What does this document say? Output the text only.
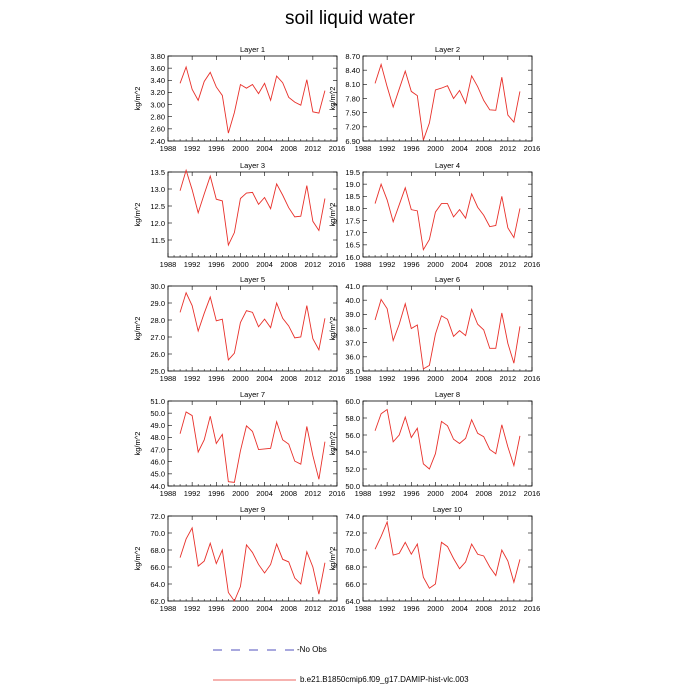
soil liquid water
Layer 1
1988 1992 1996 2000 2004 2008 2012 2016
2.40
2.60
2.80
3.00
3.20
3.40
3.60
3.80
kg/m^2
Layer 2
1988 1992 1996 2000 2004 2008 2012 2016
6.90
7.20
7.50
7.80
8.10
8.40
8.70
kg/m^2
Layer 3
1988 1992 1996 2000 2004 2008 2012 2016
11.5
12.0
12.5
13.0
13.5
kg/m^2
Layer 4
1988 1992 1996 2000 2004 2008 2012 2016
16.0
16.5
17.0
17.5
18.0
18.5
19.0
19.5
kg/m^2
Layer 5
1988 1992 1996 2000 2004 2008 2012 2016
25.0
26.0
27.0
28.0
29.0
30.0
kg/m^2
Layer 6
1988 1992 1996 2000 2004 2008 2012 2016
35.0
36.0
37.0
38.0
39.0
40.0
41.0
kg/m^2
Layer 7
1988 1992 1996 2000 2004 2008 2012 2016
44.0
45.0
46.0
47.0
48.0
49.0
50.0
51.0
kg/m^2
Layer 8
1988 1992 1996 2000 2004 2008 2012 2016
50.0
52.0
54.0
56.0
58.0
60.0
kg/m^2
Layer 9
1988 1992 1996 2000 2004 2008 2012 2016
62.0
64.0
66.0
68.0
70.0
72.0
kg/m^2
Layer 10
1988 1992 1996 2000 2004 2008 2012 2016
64.0
66.0
68.0
70.0
72.0
74.0
kg/m^2
-No Obs
b.e21.B1850cmip6.f09_g17.DAMIP-hist-vlc.003
